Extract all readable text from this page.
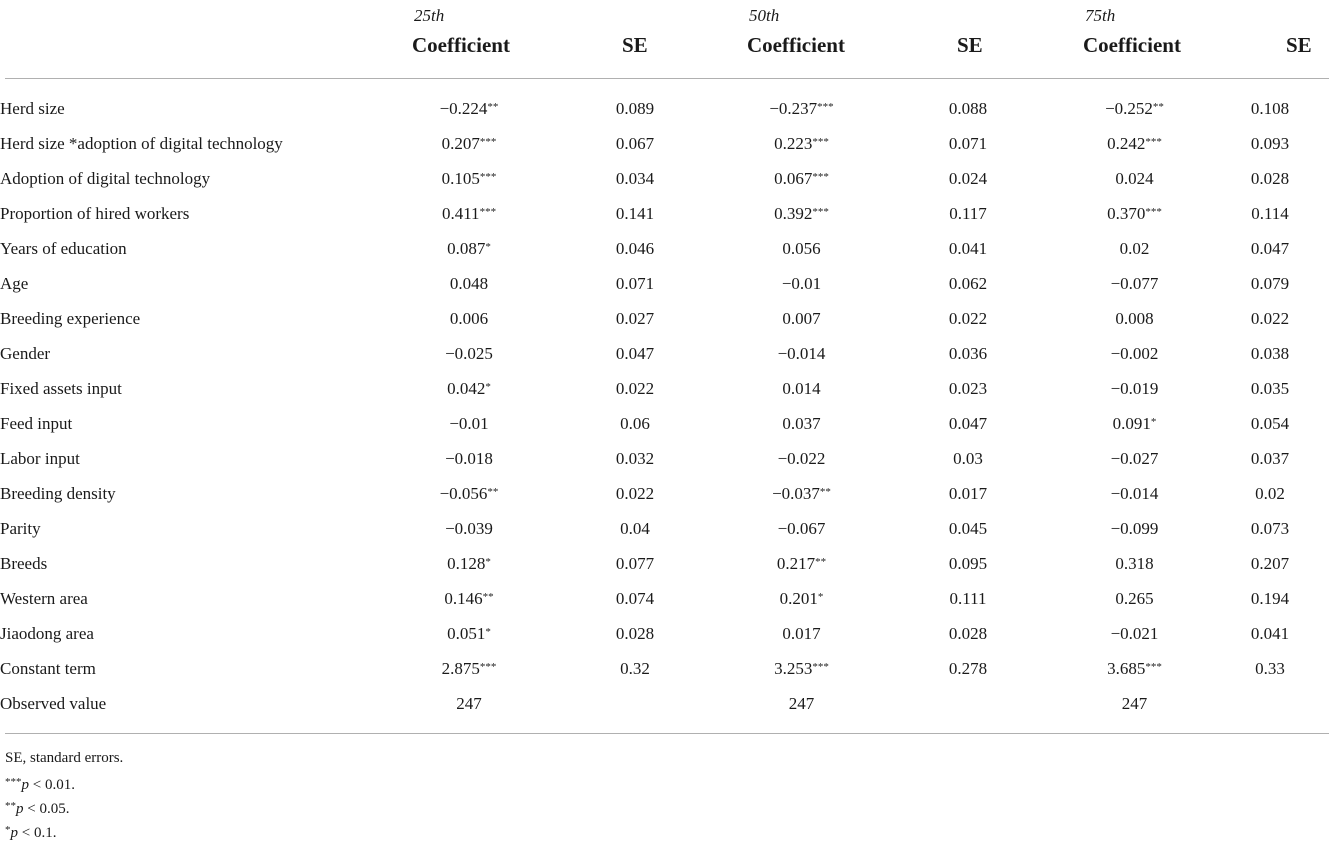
25th	50th	75th
Coefficient	SE	Coefficient	SE	Coefficient	SE
Herd size	−0.224**	0.089	−0.237***	0.088	−0.252**	0.108
Herd size *adoption of digital technology	0.207***	0.067	0.223***	0.071	0.242***	0.093
Adoption of digital technology	0.105***	0.034	0.067***	0.024	0.024	0.028
Proportion of hired workers	0.411***	0.141	0.392***	0.117	0.370***	0.114
Years of education	0.087*	0.046	0.056	0.041	0.02	0.047
Age	0.048	0.071	−0.01	0.062	−0.077	0.079
Breeding experience	0.006	0.027	0.007	0.022	0.008	0.022
Gender	−0.025	0.047	−0.014	0.036	−0.002	0.038
Fixed assets input	0.042*	0.022	0.014	0.023	−0.019	0.035
Feed input	−0.01	0.06	0.037	0.047	0.091*	0.054
Labor input	−0.018	0.032	−0.022	0.03	−0.027	0.037
Breeding density	−0.056**	0.022	−0.037**	0.017	−0.014	0.02
Parity	−0.039	0.04	−0.067	0.045	−0.099	0.073
Breeds	0.128*	0.077	0.217**	0.095	0.318	0.207
Western area	0.146**	0.074	0.201*	0.111	0.265	0.194
Jiaodong area	0.051*	0.028	0.017	0.028	−0.021	0.041
Constant term	2.875***	0.32	3.253***	0.278	3.685***	0.33
Observed value	247		247		247	
SE, standard errors.
***p < 0.01.
**p < 0.05.
*p < 0.1.
